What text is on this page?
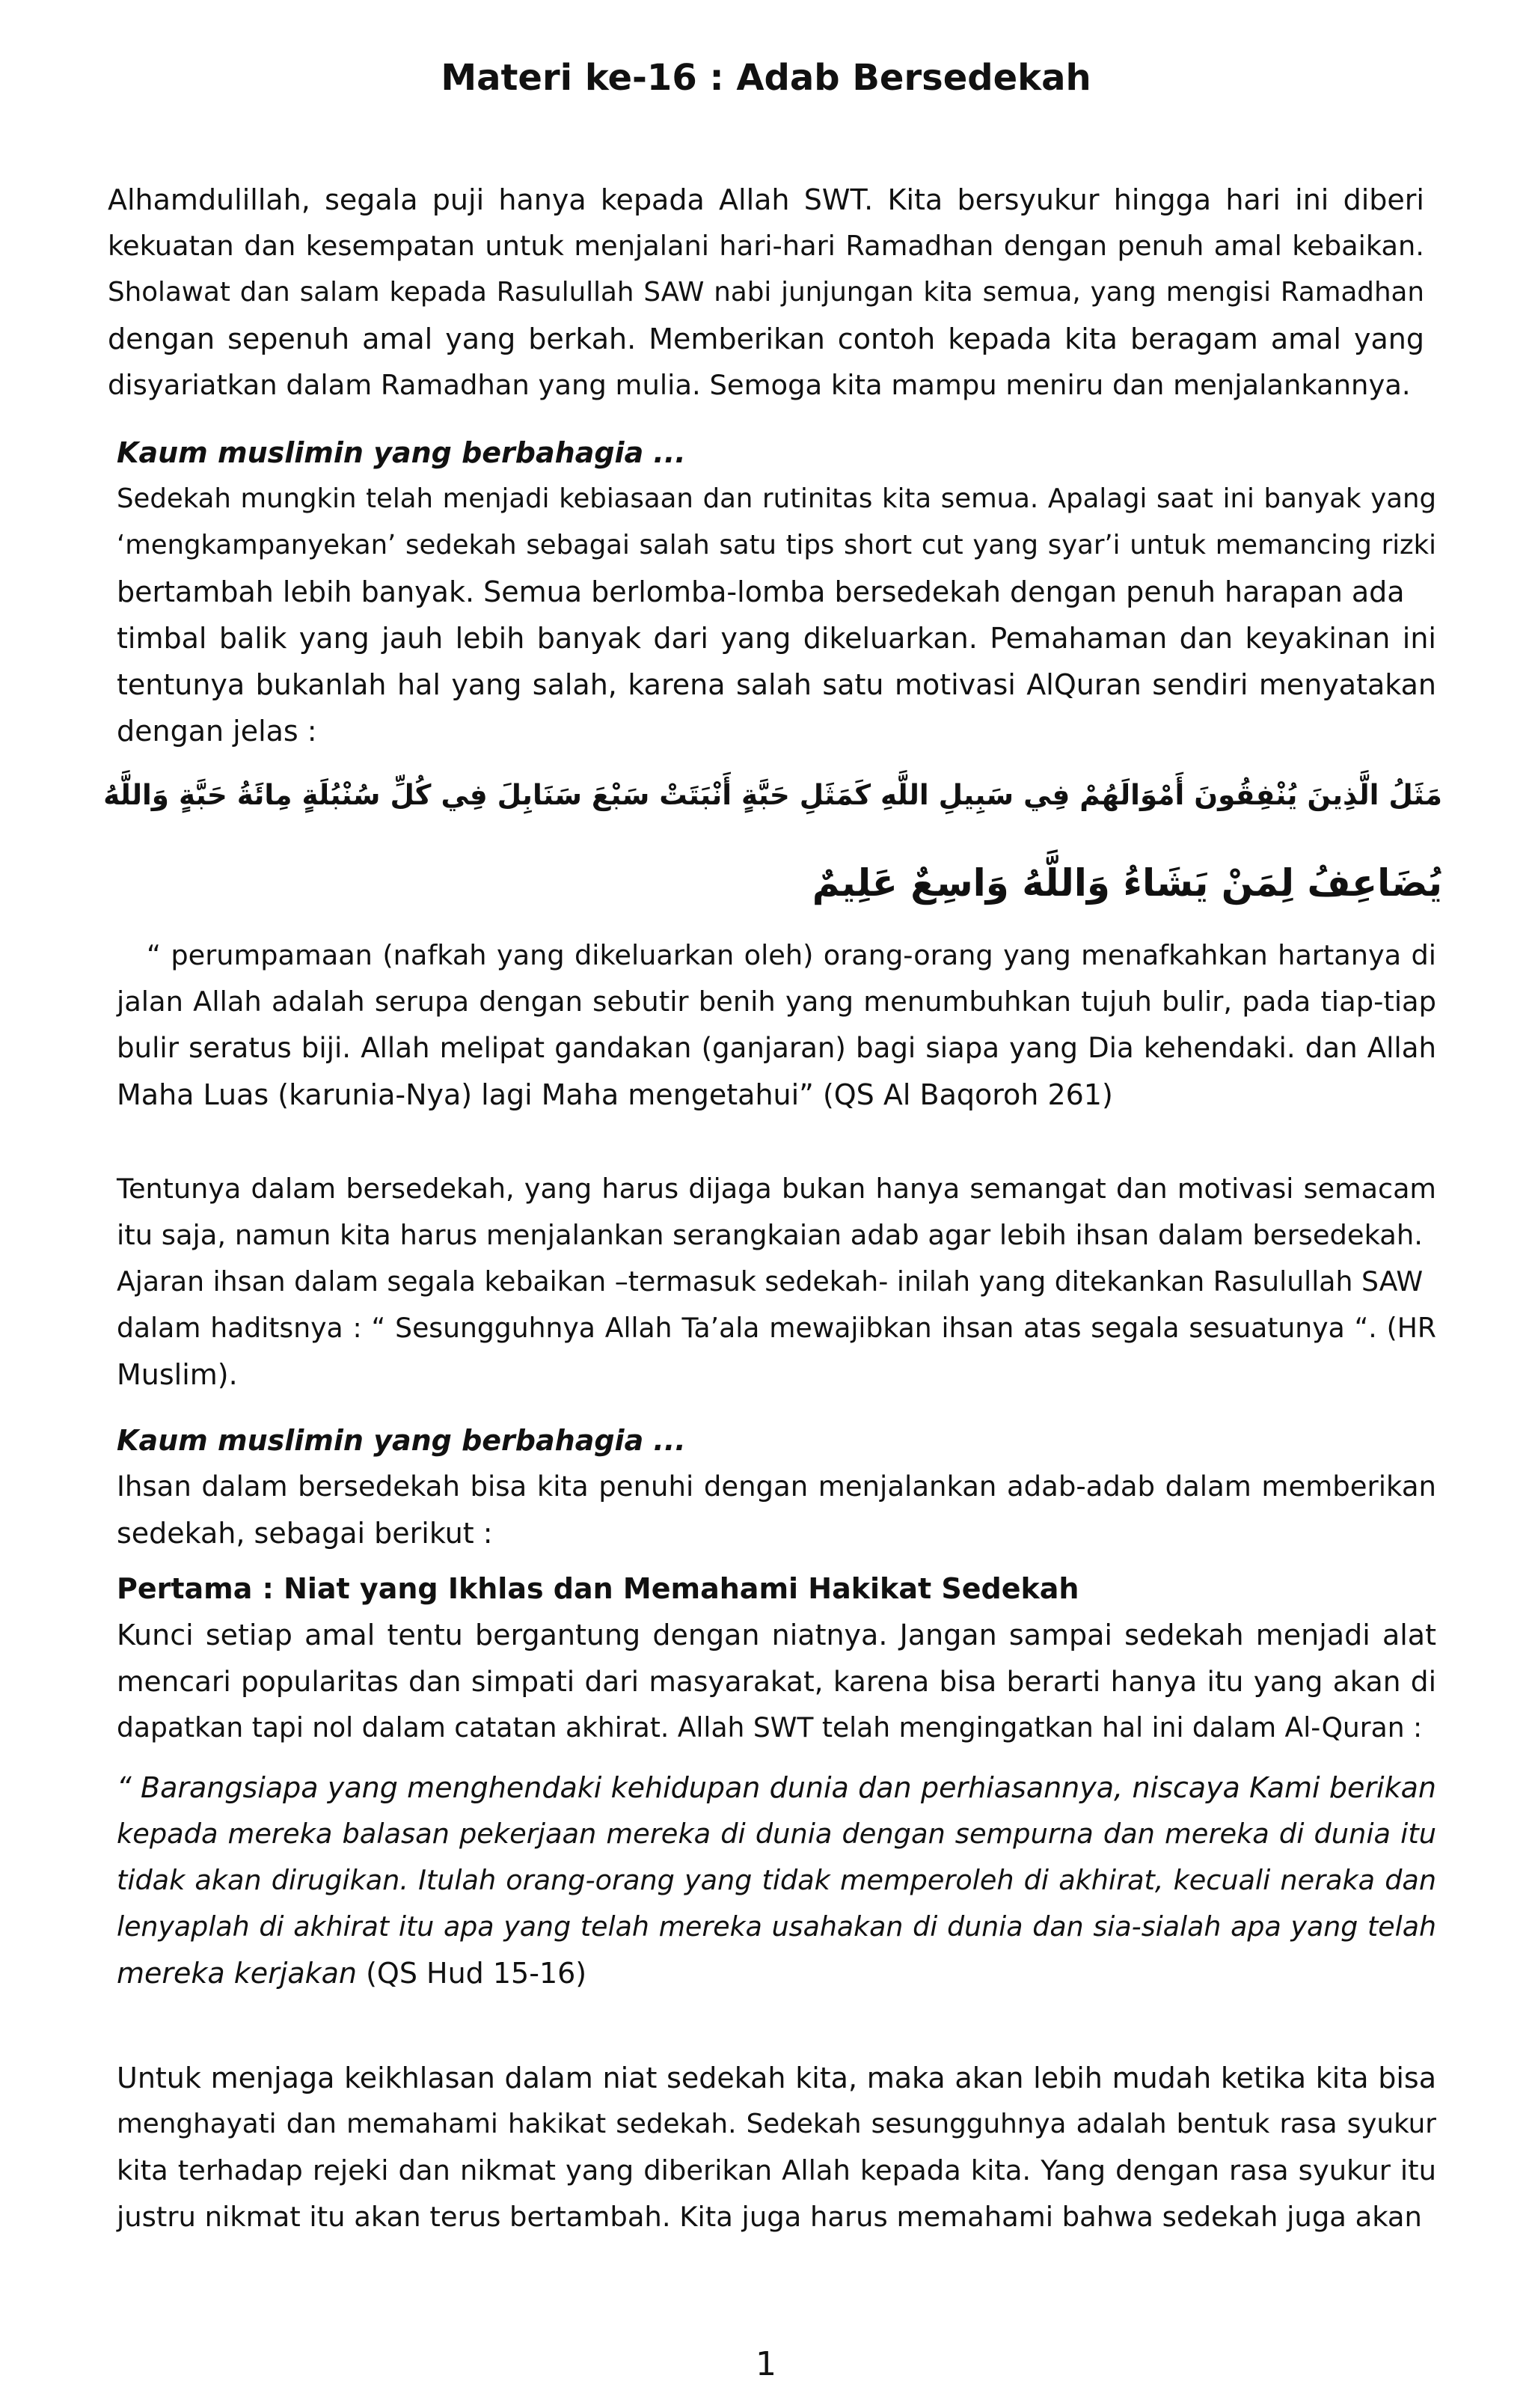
Materi ke-16 : Adab Bersedekah
Alhamdulillah, segala puji hanya kepada Allah SWT. Kita bersyukur hingga hari ini diberi
kekuatan dan kesempatan untuk menjalani hari-hari Ramadhan dengan penuh amal kebaikan.
Sholawat dan salam kepada Rasulullah SAW nabi junjungan kita semua, yang mengisi Ramadhan
dengan sepenuh amal yang berkah. Memberikan contoh kepada kita beragam amal yang
disyariatkan dalam Ramadhan yang mulia. Semoga kita mampu meniru dan menjalankannya.
Kaum muslimin yang berbahagia ...
Sedekah mungkin telah menjadi kebiasaan dan rutinitas kita semua. Apalagi saat ini banyak yang
‘mengkampanyekan’ sedekah sebagai salah satu tips short cut yang syar’i untuk memancing rizki
bertambah lebih banyak. Semua berlomba-lomba bersedekah dengan penuh harapan ada
timbal balik yang jauh lebih banyak dari yang dikeluarkan. Pemahaman dan keyakinan ini
tentunya bukanlah hal yang salah, karena salah satu motivasi AlQuran sendiri menyatakan
dengan jelas :
مَثَلُ الَّذِينَ يُنْفِقُونَ أَمْوَالَهُمْ فِي سَبِيلِ اللَّهِ كَمَثَلِ حَبَّةٍ أَنْبَتَتْ سَبْعَ سَنَابِلَ فِي كُلِّ سُنْبُلَةٍ مِائَةُ حَبَّةٍ وَاللَّهُ
يُضَاعِفُ لِمَنْ يَشَاءُ وَاللَّهُ وَاسِعٌ عَلِيمٌ
“ perumpamaan (nafkah yang dikeluarkan oleh) orang-orang yang menafkahkan hartanya di
jalan Allah adalah serupa dengan sebutir benih yang menumbuhkan tujuh bulir, pada tiap-tiap
bulir seratus biji. Allah melipat gandakan (ganjaran) bagi siapa yang Dia kehendaki. dan Allah
Maha Luas (karunia-Nya) lagi Maha mengetahui” (QS Al Baqoroh 261)
Tentunya dalam bersedekah, yang harus dijaga bukan hanya semangat dan motivasi semacam
itu saja, namun kita harus menjalankan serangkaian adab agar lebih ihsan dalam bersedekah.
Ajaran ihsan dalam segala kebaikan –termasuk sedekah- inilah yang ditekankan Rasulullah SAW
dalam haditsnya : “ Sesungguhnya Allah Ta’ala mewajibkan ihsan atas segala sesuatunya “. (HR
Muslim).
Kaum muslimin yang berbahagia ...
Ihsan dalam bersedekah bisa kita penuhi dengan menjalankan adab-adab dalam memberikan
sedekah, sebagai berikut :
Pertama : Niat yang Ikhlas dan Memahami Hakikat Sedekah
Kunci setiap amal tentu bergantung dengan niatnya. Jangan sampai sedekah menjadi alat
mencari popularitas dan simpati dari masyarakat, karena bisa berarti hanya itu yang akan di
dapatkan tapi nol dalam catatan akhirat. Allah SWT telah mengingatkan hal ini dalam Al-Quran :
“ Barangsiapa yang menghendaki kehidupan dunia dan perhiasannya, niscaya Kami berikan
kepada mereka balasan pekerjaan mereka di dunia dengan sempurna dan mereka di dunia itu
tidak akan dirugikan. Itulah orang-orang yang tidak memperoleh di akhirat, kecuali neraka dan
lenyaplah di akhirat itu apa yang telah mereka usahakan di dunia dan sia-sialah apa yang telah
mereka kerjakan (QS Hud 15-16)
Untuk menjaga keikhlasan dalam niat sedekah kita, maka akan lebih mudah ketika kita bisa
menghayati dan memahami hakikat sedekah. Sedekah sesungguhnya adalah bentuk rasa syukur
kita terhadap rejeki dan nikmat yang diberikan Allah kepada kita. Yang dengan rasa syukur itu
justru nikmat itu akan terus bertambah. Kita juga harus memahami bahwa sedekah juga akan
1
